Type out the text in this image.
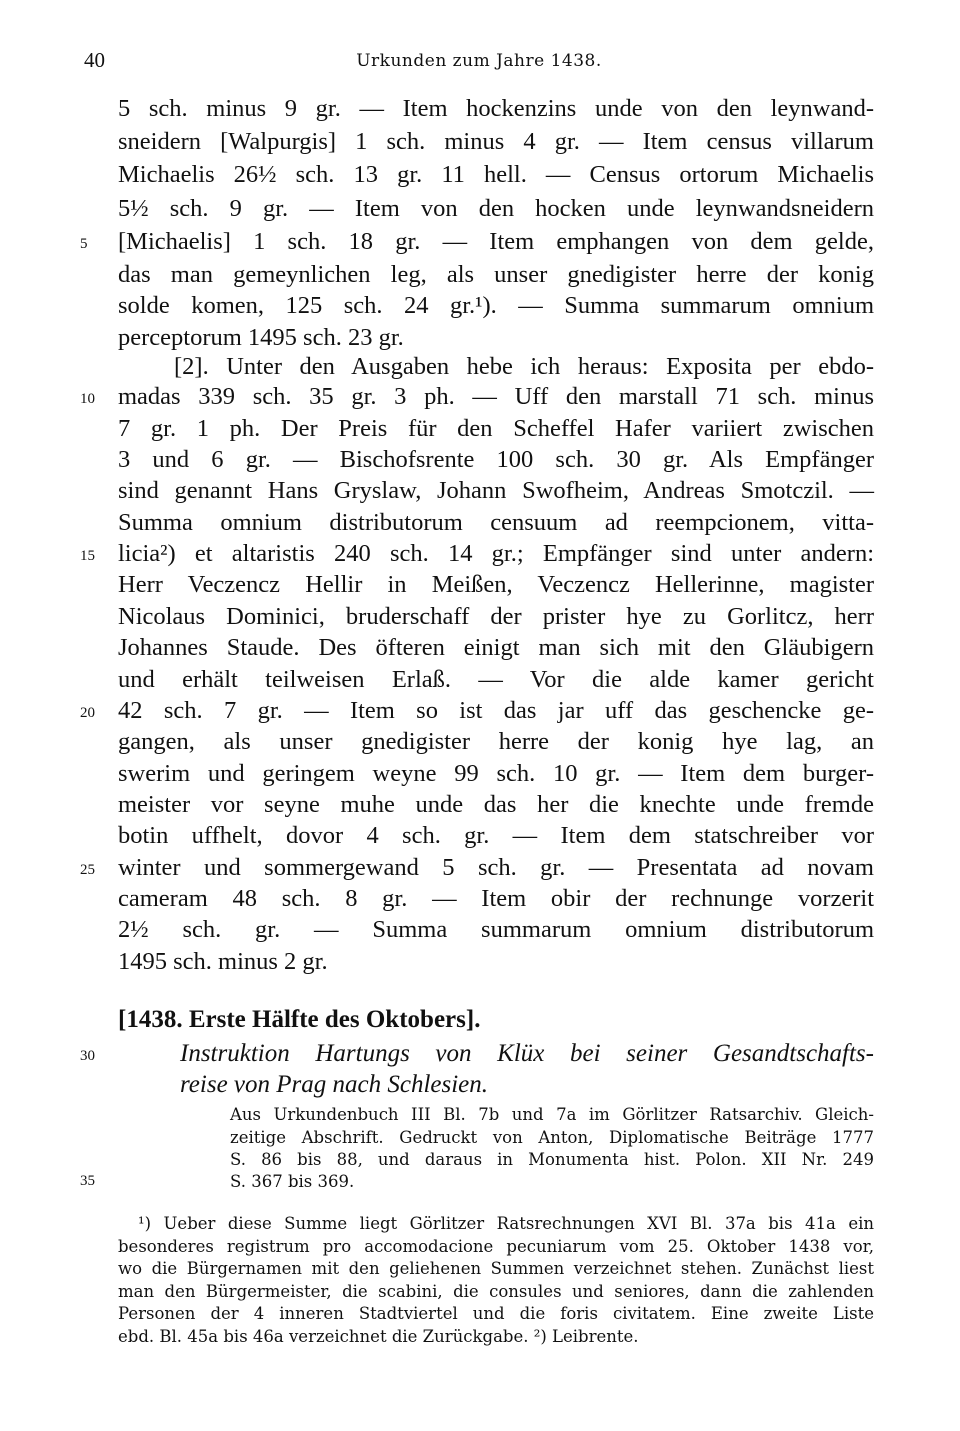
40	Urkunden zum Jahre 1438.
5 sch. minus 9 gr. — Item hockenzins unde von den leynwand-
sneidern [Walpurgis] 1 sch. minus 4 gr. — Item census villarum
Michaelis 26½ sch. 13 gr. 11 hell. — Census ortorum Michaelis
5½ sch. 9 gr. — Item von den hocken unde leynwandsneidern
[Michaelis] 1 sch. 18 gr. — Item emphangen von dem gelde,
das man gemeynlichen leg, als unser gnedigister herre der konig
solde komen, 125 sch. 24 gr.¹). — Summa summarum omnium
perceptorum 1495 sch. 23 gr.
[2]. Unter den Ausgaben hebe ich heraus: Exposita per ebdo-
madas 339 sch. 35 gr. 3 ph. — Uff den marstall 71 sch. minus
7 gr. 1 ph. Der Preis für den Scheffel Hafer variiert zwischen
3 und 6 gr. — Bischofsrente 100 sch. 30 gr. Als Empfänger
sind genannt Hans Gryslaw, Johann Swofheim, Andreas Smotczil. —
Summa omnium distributorum censuum ad reempcionem, vitta-
licia²) et altaristis 240 sch. 14 gr.; Empfänger sind unter andern:
Herr Veczencz Hellir in Meißen, Veczencz Hellerinne, magister
Nicolaus Dominici, bruderschaff der prister hye zu Gorlitcz, herr
Johannes Staude. Des öfteren einigt man sich mit den Gläubigern
und erhält teilweisen Erlaß. — Vor die alde kamer gericht
42 sch. 7 gr. — Item so ist das jar uff das geschencke ge-
gangen, als unser gnedigister herre der konig hye lag, an
swerim und geringem weyne 99 sch. 10 gr. — Item dem burger-
meister vor seyne muhe unde das her die knechte unde fremde
botin uffhelt, dovor 4 sch. gr. — Item dem statschreiber vor
winter und sommergewand 5 sch. gr. — Presentata ad novam
cameram 48 sch. 8 gr. — Item obir der rechnunge vorzerit
2½ sch. gr. — Summa summarum omnium distributorum
1495 sch. minus 2 gr.
5
10
15
20
25
30
35
[1438. Erste Hälfte des Oktobers].
Instruktion Hartungs von Klüx bei seiner Gesandtschafts-
reise von Prag nach Schlesien.
Aus Urkundenbuch III Bl. 7b und 7a im Görlitzer Ratsarchiv. Gleich-
zeitige Abschrift. Gedruckt von Anton, Diplomatische Beiträge 1777
S. 86 bis 88, und daraus in Monumenta hist. Polon. XII Nr. 249
S. 367 bis 369.
¹) Ueber diese Summe liegt Görlitzer Ratsrechnungen XVI Bl. 37a bis 41a ein
besonderes registrum pro accomodacione pecuniarum vom 25. Oktober 1438 vor,
wo die Bürgernamen mit den geliehenen Summen verzeichnet stehen. Zunächst liest
man den Bürgermeister, die scabini, die consules und seniores, dann die zahlenden
Personen der 4 inneren Stadtviertel und die foris civitatem. Eine zweite Liste
ebd. Bl. 45a bis 46a verzeichnet die Zurückgabe. ²) Leibrente.
